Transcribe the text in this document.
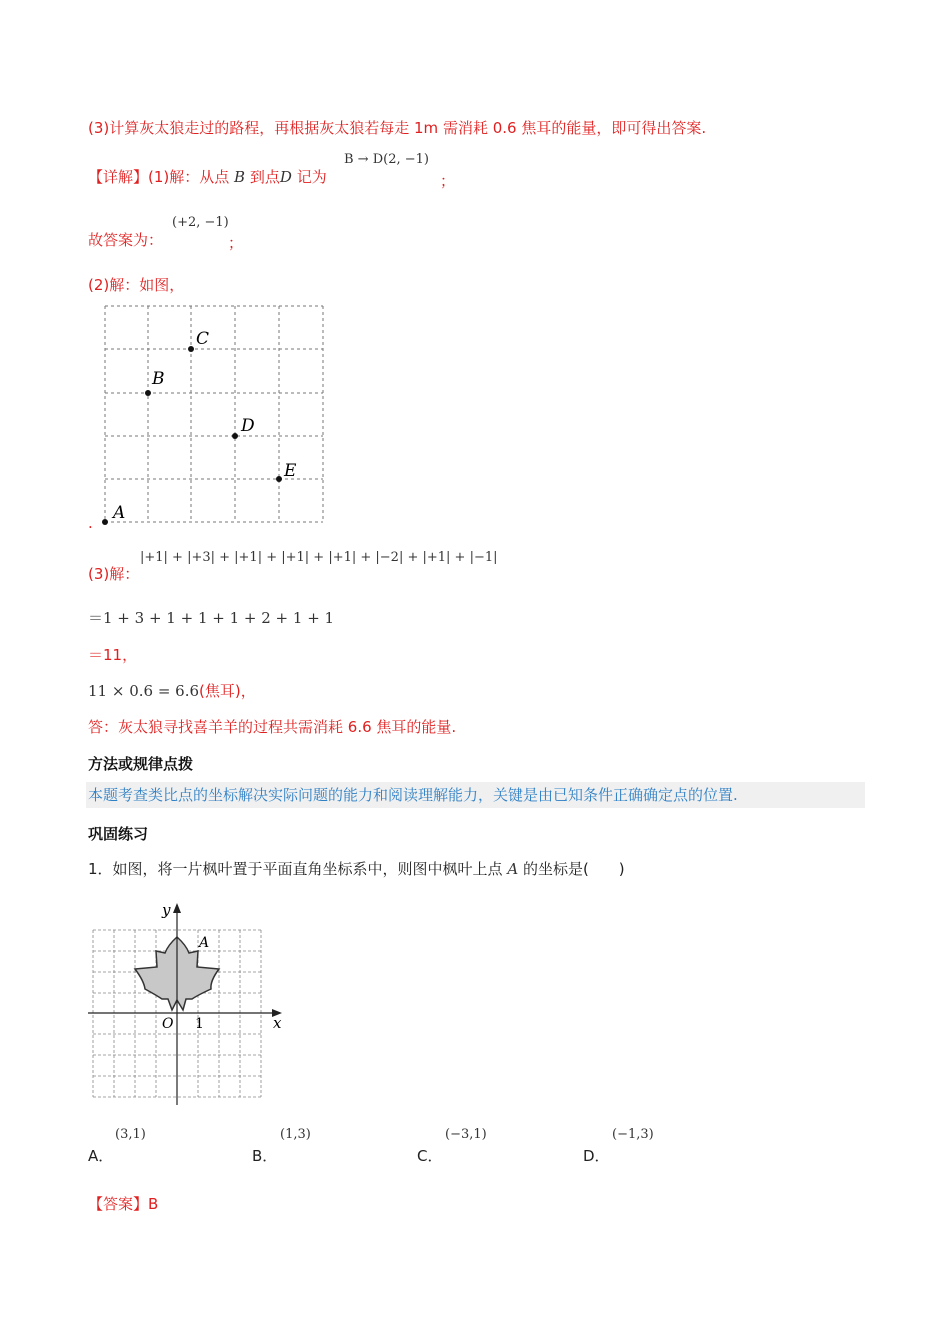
(3)计算灰太狼走过的路程，再根据灰太狼若每走 1m 需消耗 0.6 焦耳的能量，即可得出答案.
【详解】(1)解：从点 B 到点D 记为
B → D(2, −1)
；
故答案为：
(+2, −1)
；
(2)解：如图，
A
B
C
D
E
.
(3)解：
|+1| + |+3| + |+1| + |+1| + |+1| + |−2| + |+1| + |−1|
＝1 + 3 + 1 + 1 + 1 + 2 + 1 + 1
＝11，
11 × 0.6 = 6.6(焦耳)，
答：灰太狼寻找喜羊羊的过程共需消耗 6.6 焦耳的能量.
方法或规律点拨
本题考查类比点的坐标解决实际问题的能力和阅读理解能力，关键是由已知条件正确确定点的位置.
巩固练习
1．如图，将一片枫叶置于平面直角坐标系中，则图中枫叶上点 A 的坐标是(　　)
y
x
O 1
A
(3,1)
A．
(1,3)
B．
(−3,1)
C．
(−1,3)
D．
【答案】B
